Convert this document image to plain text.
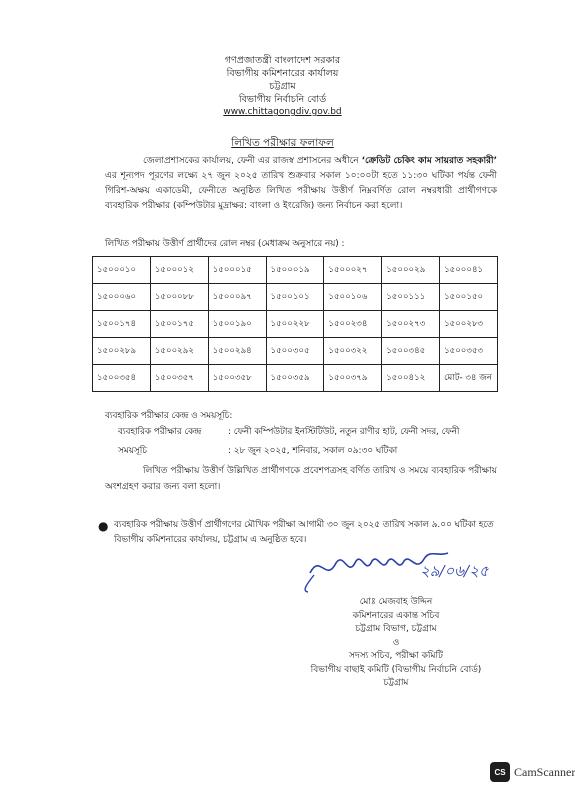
গণপ্রজাতন্ত্রী বাংলাদেশ সরকার
বিভাগীয় কমিশনারের কার্যালয়
চট্টগ্রাম
বিভাগীয় নির্বাচনি বোর্ড
www.chittagongdiv.gov.bd
লিখিত পরীক্ষার ফলাফল
জেলাপ্রশাসকের কার্যালয়, ফেনী এর রাজস্ব প্রশাসনের অধীনে ‘ক্রেডিট চেকিং কাম সায়রাত সহকারী’ এর শূন্যপদ পূরণের লক্ষ্যে ২৭ জুন ২০২৫ তারিখ শুক্রবার সকাল ১০:০০টা হতে ১১:৩০ ঘটিকা পর্যন্ত ফেনী গিরিশ-অক্ষয় একাডেমী, ফেনীতে অনুষ্ঠিত লিখিত পরীক্ষায় উত্তীর্ণ নিম্নবর্ণিত রোল নম্বরধারী প্রার্থীগণকে ব্যবহারিক পরীক্ষার (কম্পিউটার মুদ্রাক্ষর: বাংলা ও ইংরেজি) জন্য নির্বাচন করা হলো।
লিখিত পরীক্ষায় উত্তীর্ণ প্রার্থীদের রোল নম্বর (মেধাক্রম অনুসারে নয়) :
১৫০০০১০	১৫০০০১২	১৫০০০১৫	১৫০০০১৯	১৫০০০২৭	১৫০০০২৯	১৫০০০৪১
১৫০০০৬০	১৫০০০৮৮	১৫০০০৯৭	১৫০০১০১	১৫০০১০৬	১৫০০১১১	১৫০০১৫০
১৫০০১৭৪	১৫০০১৭৫	১৫০০১৯০	১৫০০২২৮	১৫০০২৩৪	১৫০০২৭৩	১৫০০২৮৩
১৫০০২৮৯	১৫০০২৯২	১৫০০২৯৪	১৫০০৩০৫	১৫০০৩২২	১৫০০৩৪৫	১৫০০৩৫৩
১৫০০৩৫৪	১৫০০৩৫৭	১৫০০৩৫৮	১৫০০৩৫৯	১৫০০৩৭৯	১৫০০৪১২	মোট- ৩৪ জন
ব্যবহারিক পরীক্ষার কেন্দ্র ও সময়সূচি:
ব্যবহারিক পরীক্ষার কেন্দ্র	: ফেনী কম্পিউটার ইনস্টিটিউট, নতুন রাণীর হাট, ফেনী সদর, ফেনী
সময়সূচি	: ২৮ জুন ২০২৫, শনিবার, সকাল ০৯:৩০ ঘটিকা
লিখিত পরীক্ষায় উত্তীর্ণ উল্লিখিত প্রার্থীগণকে প্রবেশপত্রসহ বর্ণিত তারিখ ও সময়ে ব্যবহারিক পরীক্ষায় অংশগ্রহণ করার জন্য বলা হলো।
● ব্যবহারিক পরীক্ষায় উত্তীর্ণ প্রার্থীগণের মৌখিক পরীক্ষা আগামী ৩০ জুন ২০২৫ তারিখ সকাল ৯.০০ ঘটিকা হতে বিভাগীয় কমিশনারের কার্যালয়, চট্টগ্রাম এ অনুষ্ঠিত হবে।
২৯/০৬/২৫
মোঃ মেজবাহ উদ্দিন
কমিশনারের একান্ত সচিব
চট্টগ্রাম বিভাগ, চট্টগ্রাম
ও
সদস্য সচিব, পরীক্ষা কমিটি
বিভাগীয় বাছাই কমিটি (বিভাগীয় নির্বাচনি বোর্ড)
চট্টগ্রাম
CS CamScanner
